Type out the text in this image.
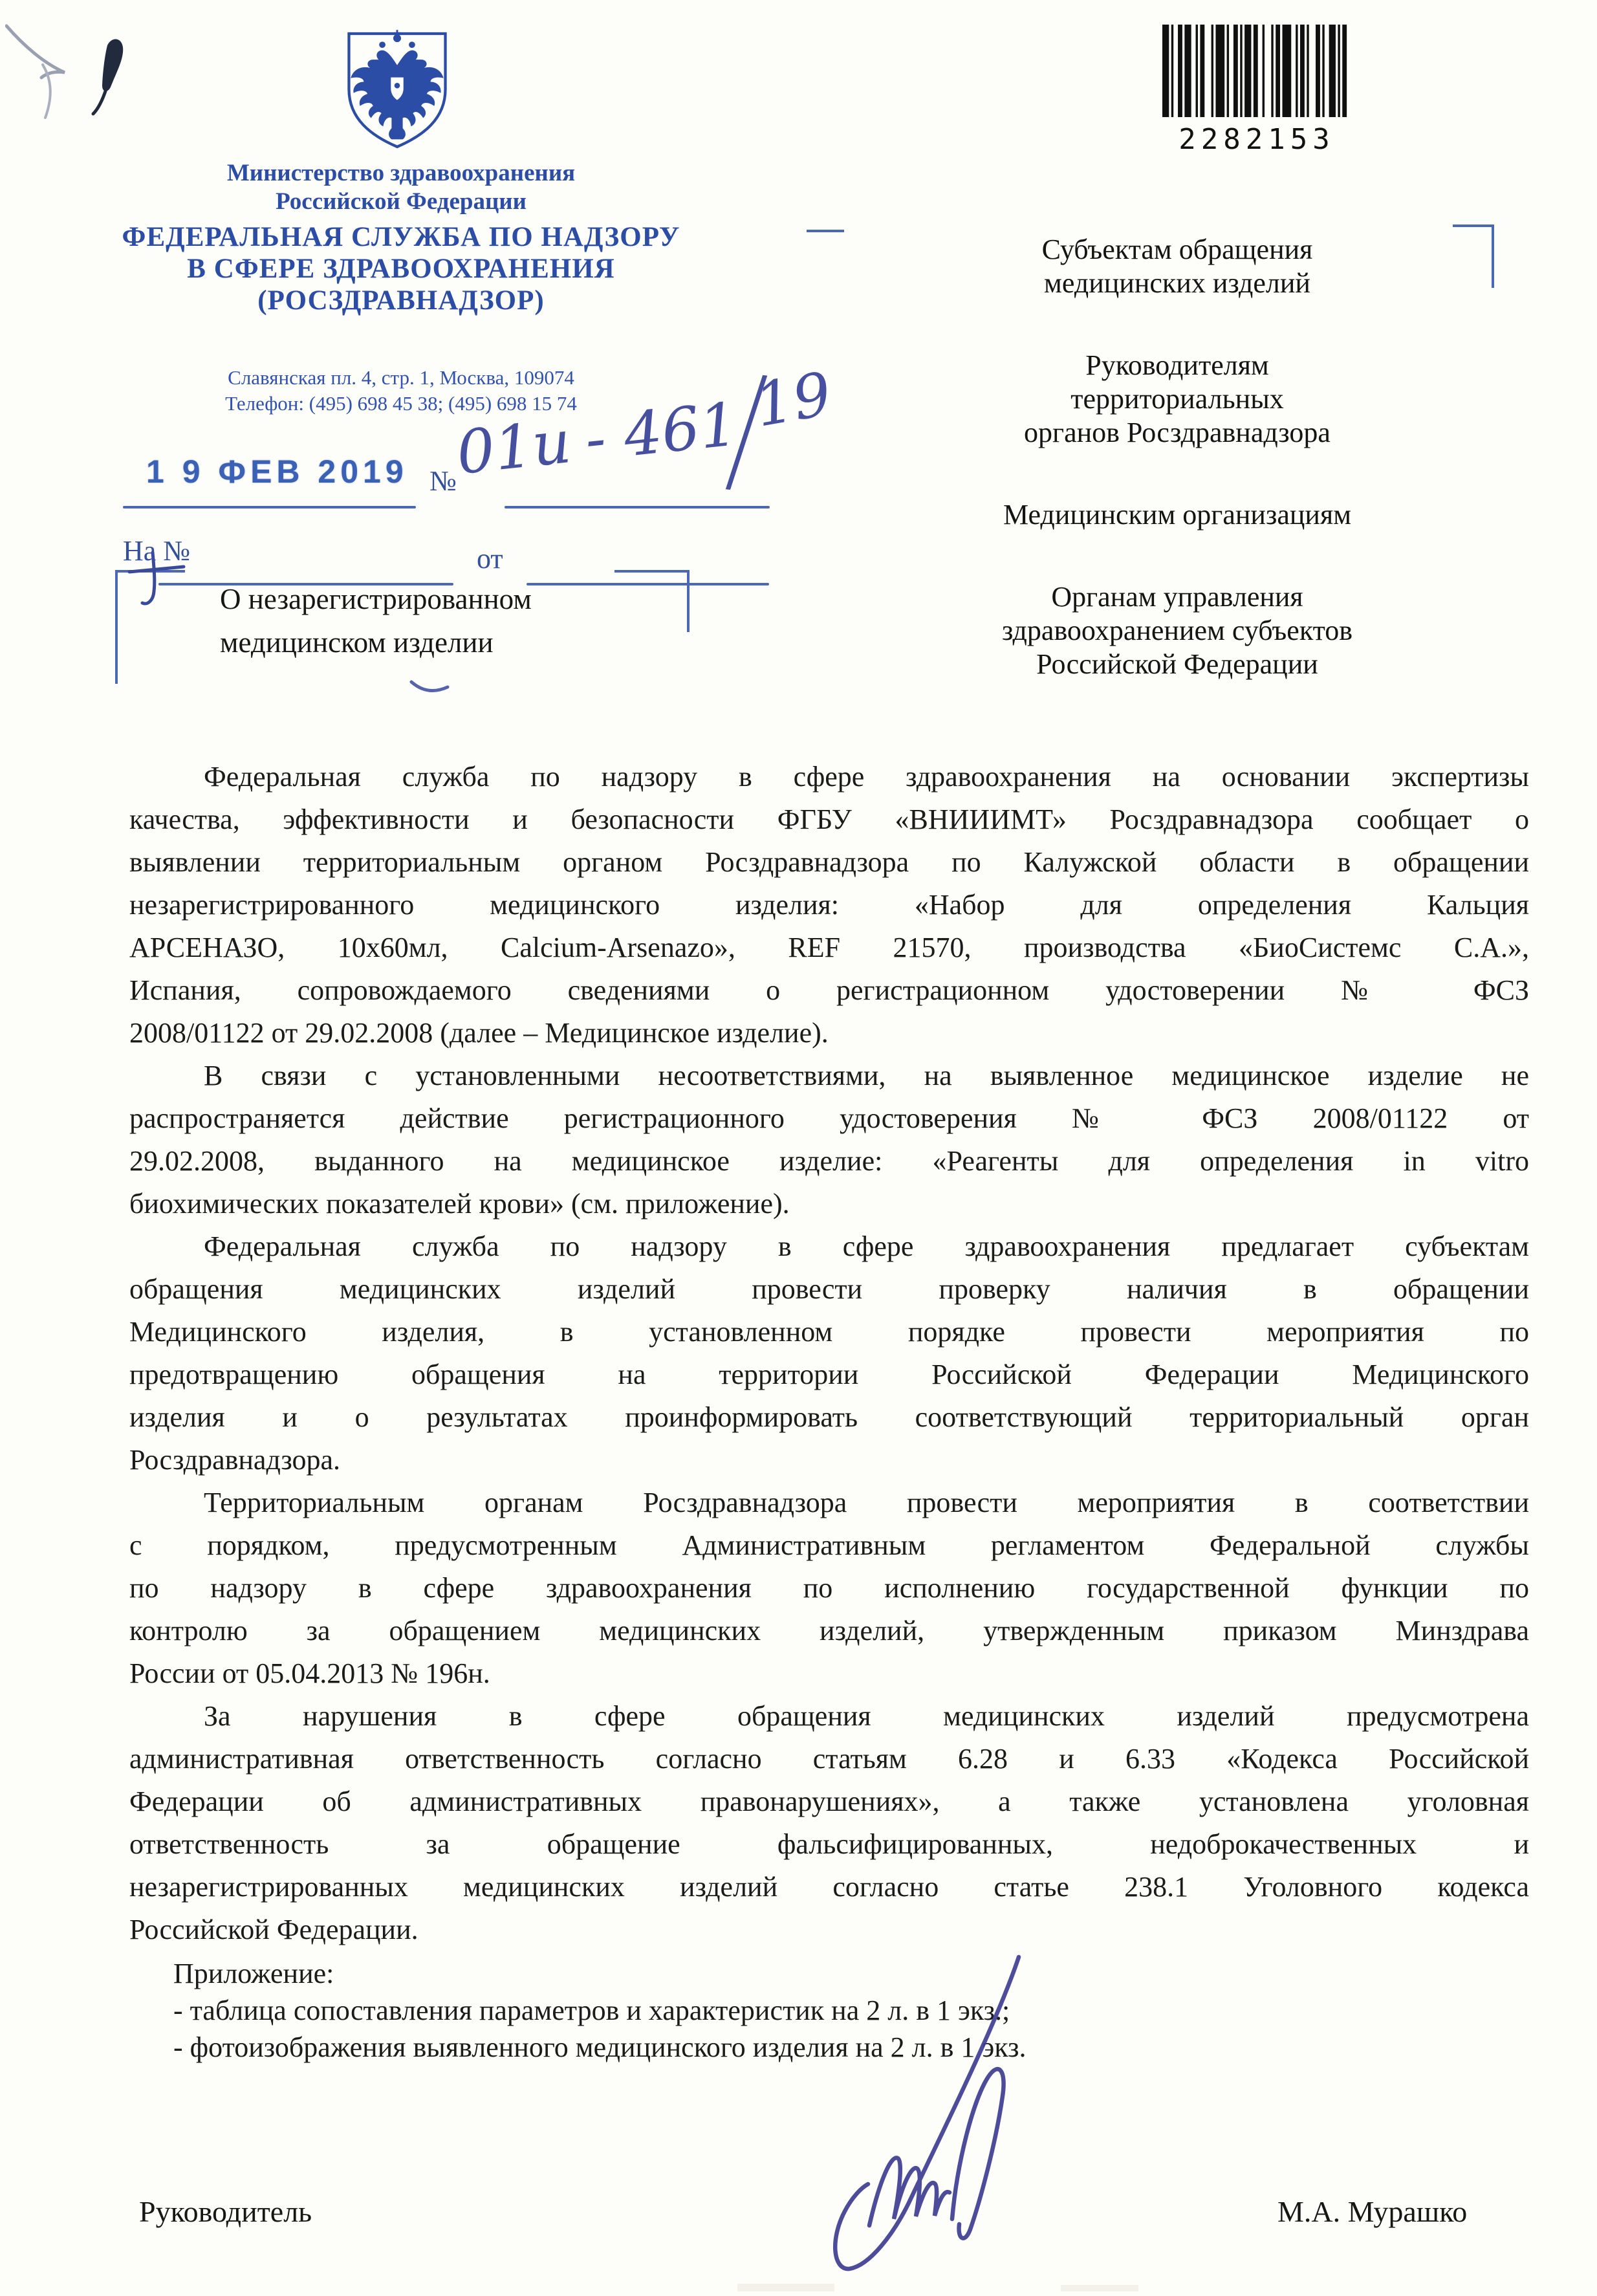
Министерство здравоохранения
Российской Федерации
ФЕДЕРАЛЬНАЯ СЛУЖБА ПО НАДЗОРУ
В СФЕРЕ ЗДРАВООХРАНЕНИЯ
(РОСЗДРАВНАДЗОР)
Славянская пл. 4, стр. 1, Москва, 109074
Телефон: (495) 698 45 38; (495) 698 15 74
2282153
1 9 ФЕВ 2019 №
01и - 461/19
На №	от
О незарегистрированном
медицинском изделии
Субъектам обращения
медицинских изделий
Руководителям
территориальных
органов Росздравнадзора
Медицинским организациям
Органам управления
здравоохранением субъектов
Российской Федерации
Федеральная служба по надзору в сфере здравоохранения на основании экспертизы
качества, эффективности и безопасности ФГБУ «ВНИИИМТ» Росздравнадзора сообщает о
выявлении территориальным органом Росздравнадзора по Калужской области в обращении
незарегистрированного медицинского изделия: «Набор для определения Кальция
АРСЕНАЗО, 10х60мл, Calcium-Arsenazo», REF 21570, производства «БиоСистемс С.А.»,
Испания, сопровождаемого сведениями о регистрационном удостоверении № ФСЗ
2008/01122 от 29.02.2008 (далее – Медицинское изделие).
В связи с установленными несоответствиями, на выявленное медицинское изделие не
распространяется действие регистрационного удостоверения № ФСЗ 2008/01122 от
29.02.2008, выданного на медицинское изделие: «Реагенты для определения in vitro
биохимических показателей крови» (см. приложение).
Федеральная служба по надзору в сфере здравоохранения предлагает субъектам
обращения медицинских изделий провести проверку наличия в обращении
Медицинского изделия, в установленном порядке провести мероприятия по
предотвращению обращения на территории Российской Федерации Медицинского
изделия и о результатах проинформировать соответствующий территориальный орган
Росздравнадзора.
Территориальным органам Росздравнадзора провести мероприятия в соответствии
с порядком, предусмотренным Административным регламентом Федеральной службы
по надзору в сфере здравоохранения по исполнению государственной функции по
контролю за обращением медицинских изделий, утвержденным приказом Минздрава
России от 05.04.2013 № 196н.
За нарушения в сфере обращения медицинских изделий предусмотрена
административная ответственность согласно статьям 6.28 и 6.33 «Кодекса Российской
Федерации об административных правонарушениях», а также установлена уголовная
ответственность за обращение фальсифицированных, недоброкачественных и
незарегистрированных медицинских изделий согласно статье 238.1 Уголовного кодекса
Российской Федерации.
Приложение:
- таблица сопоставления параметров и характеристик на 2 л. в 1 экз.;
- фотоизображения выявленного медицинского изделия на 2 л. в 1 экз.
Руководитель	М.А. Мурашко
